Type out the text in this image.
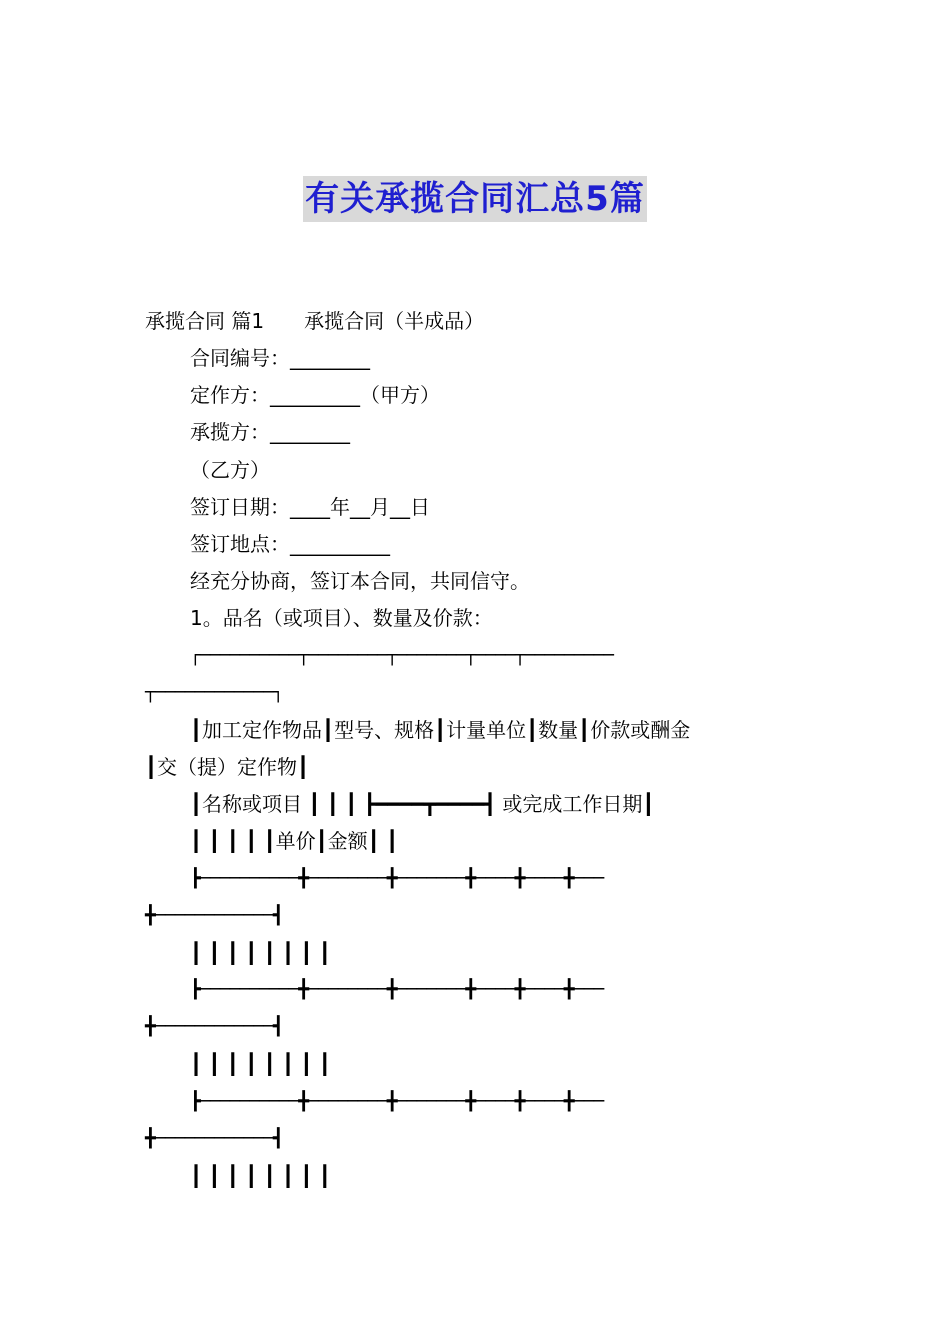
有关承揽合同汇总5篇
承揽合同 篇1　　承揽合同（半成品）
合同编号：________
定作方：_________（甲方）
承揽方：________
（乙方）
签订日期：____年__月__日
签订地点：__________
经充分协商，签订本合同，共同信守。
1。品名（或项目）、数量及价款：
┌──────────┬────────┬───────┬────┬─────────
┬────────────┐
┃加工定作物品┃型号、规格┃计量单位┃数量┃价款或酬金
┃交（提）定作物┃
┃名称或项目 ┃ ┃ ┃ ┣━━━━┳━━━━┫ 或完成工作日期┃
┃ ┃ ┃ ┃ ┃单价┃金额┃ ┃
┣──────────╋────────╋───────╋────╋────╋───
╋────────────┫
┃ ┃ ┃ ┃ ┃ ┃ ┃ ┃
┣──────────╋────────╋───────╋────╋────╋───
╋────────────┫
┃ ┃ ┃ ┃ ┃ ┃ ┃ ┃
┣──────────╋────────╋───────╋────╋────╋───
╋────────────┫
┃ ┃ ┃ ┃ ┃ ┃ ┃ ┃
